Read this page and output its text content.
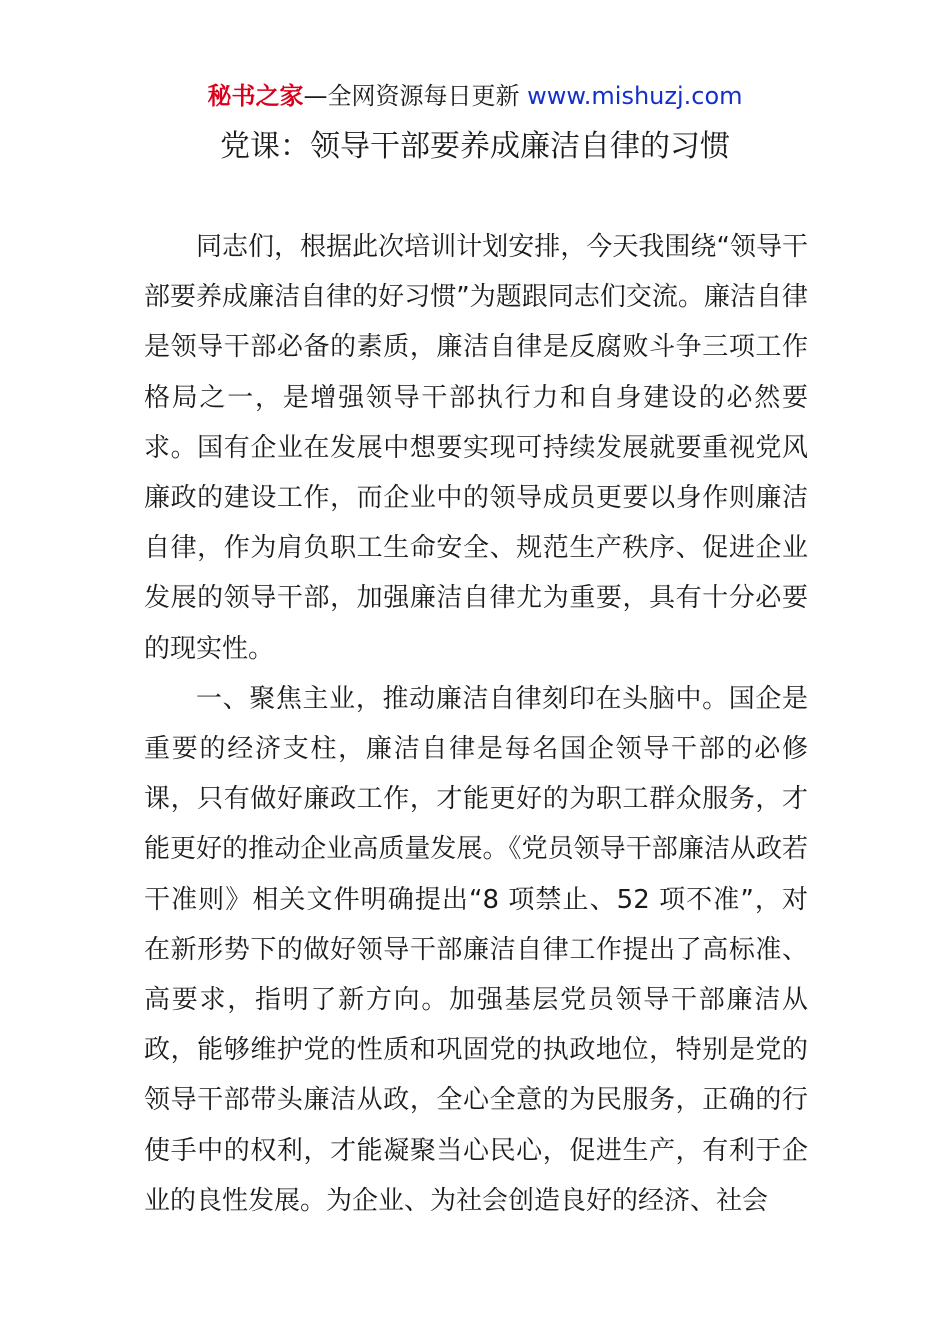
秘书之家—全网资源每日更新 www.mishuzj.com
党课：领导干部要养成廉洁自律的习惯

同志们，根据此次培训计划安排，今天我围绕“领导干部要养成廉洁自律的好习惯”为题跟同志们交流。廉洁自律是领导干部必备的素质，廉洁自律是反腐败斗争三项工作格局之一，是增强领导干部执行力和自身建设的必然要求。国有企业在发展中想要实现可持续发展就要重视党风廉政的建设工作，而企业中的领导成员更要以身作则廉洁自律，作为肩负职工生命安全、规范生产秩序、促进企业发展的领导干部，加强廉洁自律尤为重要，具有十分必要的现实性。

一、聚焦主业，推动廉洁自律刻印在头脑中。国企是重要的经济支柱，廉洁自律是每名国企领导干部的必修课，只有做好廉政工作，才能更好的为职工群众服务，才能更好的推动企业高质量发展。《党员领导干部廉洁从政若干准则》相关文件明确提出“8 项禁止、52 项不准”，对在新形势下的做好领导干部廉洁自律工作提出了高标准、高要求，指明了新方向。加强基层党员领导干部廉洁从政，能够维护党的性质和巩固党的执政地位，特别是党的领导干部带头廉洁从政，全心全意的为民服务，正确的行使手中的权利，才能凝聚当心民心，促进生产，有利于企业的良性发展。为企业、为社会创造良好的经济、社会
